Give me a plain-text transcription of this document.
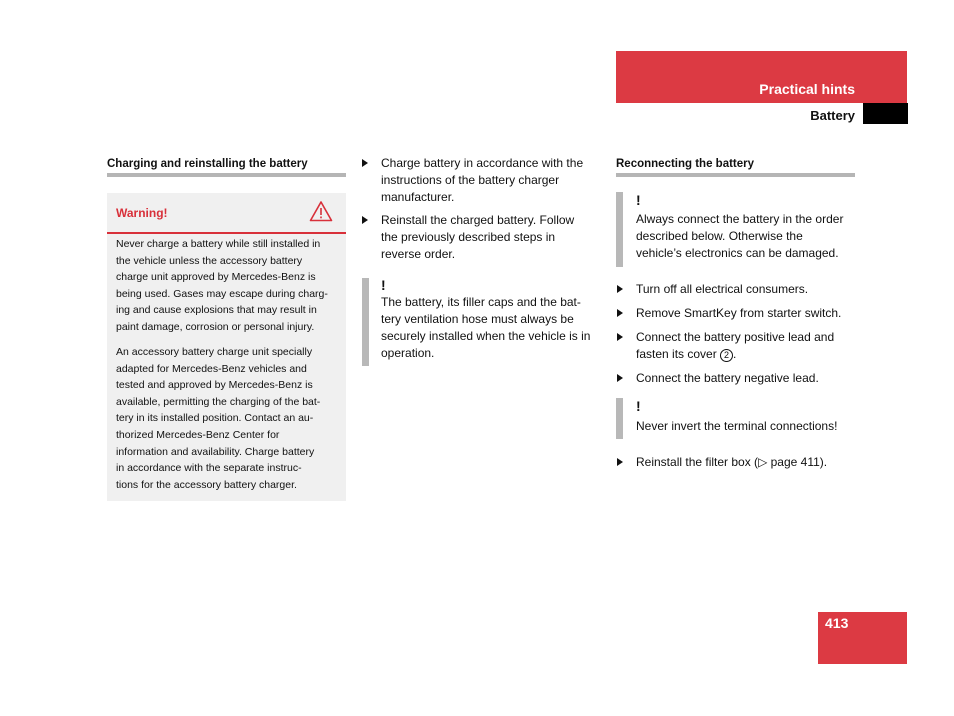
Practical hints
Battery
Charging and reinstalling the battery
Warning!
Never charge a battery while still installed in
the vehicle unless the accessory battery
charge unit approved by Mercedes-Benz is
being used. Gases may escape during charg-
ing and cause explosions that may result in
paint damage, corrosion or personal injury.
An accessory battery charge unit specially
adapted for Mercedes-Benz vehicles and
tested and approved by Mercedes-Benz is
available, permitting the charging of the bat-
tery in its installed position. Contact an au-
thorized Mercedes-Benz Center for
information and availability. Charge battery
in accordance with the separate instruc-
tions for the accessory battery charger.
Charge battery in accordance with the
instructions of the battery charger
manufacturer.
Reinstall the charged battery. Follow
the previously described steps in
reverse order.
!
The battery, its filler caps and the bat-
tery ventilation hose must always be
securely installed when the vehicle is in
operation.
Reconnecting the battery
!
Always connect the battery in the order
described below. Otherwise the
vehicle’s electronics can be damaged.
Turn off all electrical consumers.
Remove SmartKey from starter switch.
Connect the battery positive lead and
fasten its cover 2 .
Connect the battery negative lead.
!
Never invert the terminal connections!
Reinstall the filter box (▷ page 411).
413
